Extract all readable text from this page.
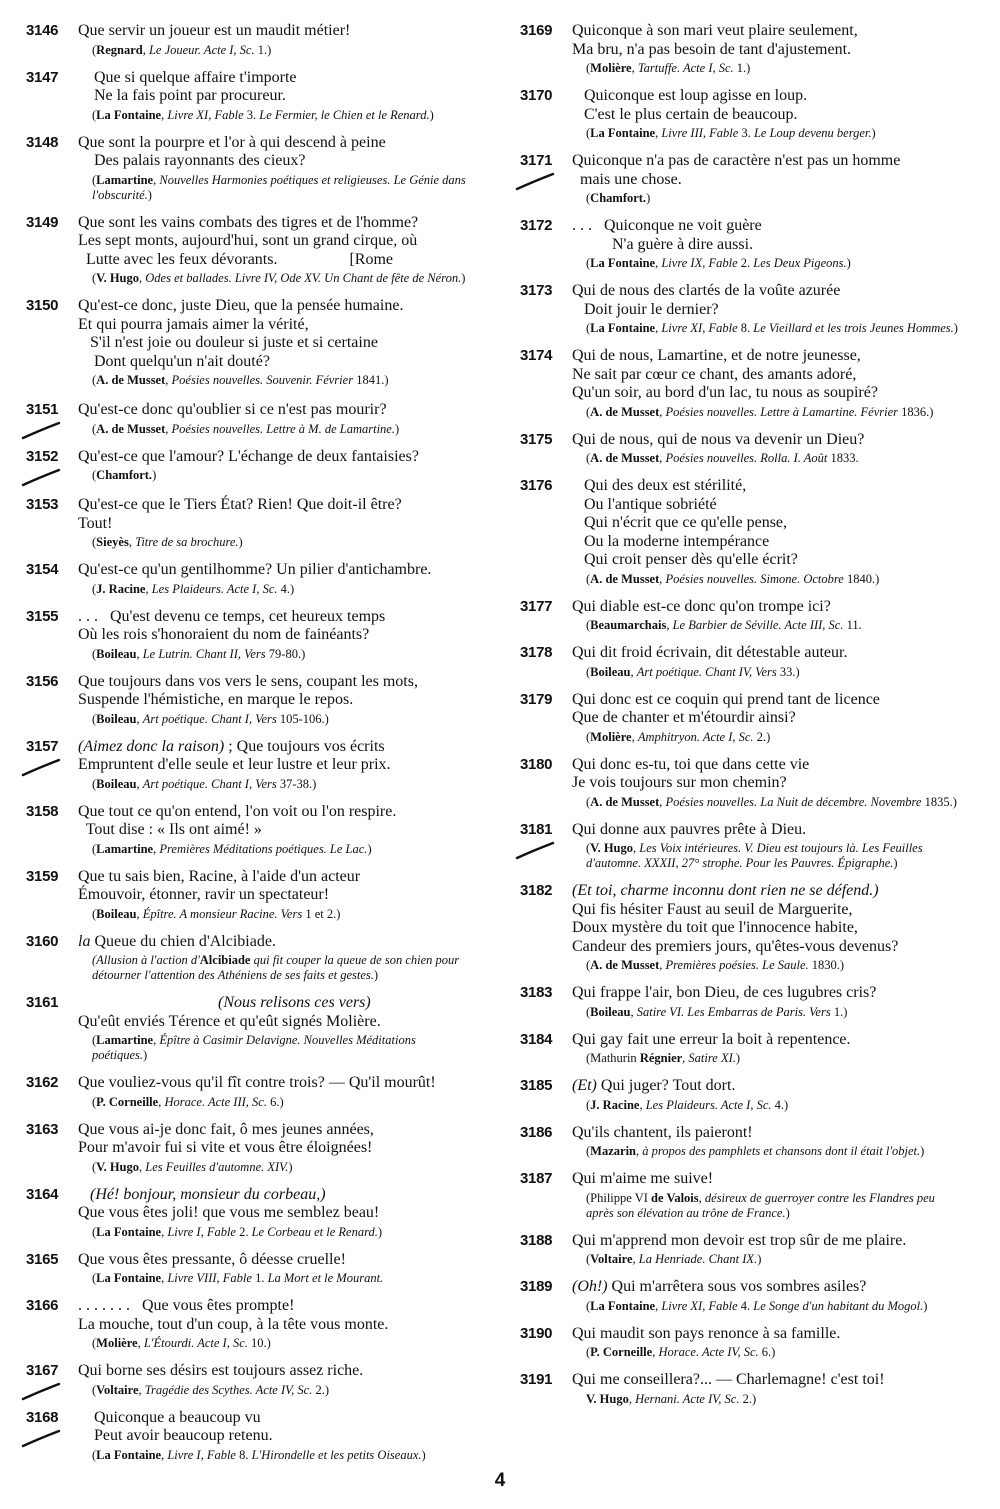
3146 Que servir un joueur est un maudit métier!
(Regnard, Le Joueur. Acte I, Sc. 1.)
3147 Que si quelque affaire t'importe
Ne la fais point par procureur.
(La Fontaine, Livre XI, Fable 3. Le Fermier, le Chien et le Renard.)
3148 Que sont la pourpre et l'or à qui descend à peine
Des palais rayonnants des cieux?
(Lamartine, Nouvelles Harmonies poétiques et religieuses. Le Génie dans l'obscurité.)
3149 Que sont les vains combats des tigres et de l'homme?
Les sept monts, aujourd'hui, sont un grand cirque, où
Lutte avec les feux dévorants.                  [Rome
(V. Hugo, Odes et ballades. Livre IV, Ode XV. Un Chant de fête de Néron.)
3150 Qu'est-ce donc, juste Dieu, que la pensée humaine.
Et qui pourra jamais aimer la vérité,
S'il n'est joie ou douleur si juste et si certaine
Dont quelqu'un n'ait douté?
(A. de Musset, Poésies nouvelles. Souvenir. Février 1841.)
3151 Qu'est-ce donc qu'oublier si ce n'est pas mourir?
(A. de Musset, Poésies nouvelles. Lettre à M. de Lamartine.)
3152 Qu'est-ce que l'amour? L'échange de deux fantaisies?
(Chamfort.)
3153 Qu'est-ce que le Tiers État? Rien! Que doit-il être?
Tout!
(Sieyès, Titre de sa brochure.)
3154 Qu'est-ce qu'un gentilhomme? Un pilier d'antichambre.
(J. Racine, Les Plaideurs. Acte I, Sc. 4.)
3155 . . .   Qu'est devenu ce temps, cet heureux temps
Où les rois s'honoraient du nom de fainéants?
(Boileau, Le Lutrin. Chant II, Vers 79-80.)
3156 Que toujours dans vos vers le sens, coupant les mots,
Suspende l'hémistiche, en marque le repos.
(Boileau, Art poétique. Chant I, Vers 105-106.)
3157 (Aimez donc la raison) ; Que toujours vos écrits
Empruntent d'elle seule et leur lustre et leur prix.
(Boileau, Art poétique. Chant I, Vers 37-38.)
3158 Que tout ce qu'on entend, l'on voit ou l'on respire.
Tout dise : « Ils ont aimé! »
(Lamartine, Premières Méditations poétiques. Le Lac.)
3159 Que tu sais bien, Racine, à l'aide d'un acteur
Émouvoir, étonner, ravir un spectateur!
(Boileau, Épître. A monsieur Racine. Vers 1 et 2.)
3160 la Queue du chien d'Alcibiade.
(Allusion à l'action d'Alcibiade qui fit couper la queue de son chien pour détourner l'attention des Athéniens de ses faits et gestes.)
3161 (Nous relisons ces vers)
Qu'eût enviés Térence et qu'eût signés Molière.
(Lamartine, Épître à Casimir Delavigne. Nouvelles Méditations poétiques.)
3162 Que vouliez-vous qu'il fît contre trois? — Qu'il mourût!
(P. Corneille, Horace. Acte III, Sc. 6.)
3163 Que vous ai-je donc fait, ô mes jeunes années,
Pour m'avoir fui si vite et vous être éloignées!
(V. Hugo, Les Feuilles d'automne. XIV.)
3164 (Hé! bonjour, monsieur du corbeau,)
Que vous êtes joli! que vous me semblez beau!
(La Fontaine, Livre I, Fable 2. Le Corbeau et le Renard.)
3165 Que vous êtes pressante, ô déesse cruelle!
(La Fontaine, Livre VIII, Fable 1. La Mort et le Mourant.
3166 . . . . . . .   Que vous êtes prompte!
La mouche, tout d'un coup, à la tête vous monte.
(Molière, L'Étourdi. Acte I, Sc. 10.)
3167 Qui borne ses désirs est toujours assez riche.
(Voltaire, Tragédie des Scythes. Acte IV, Sc. 2.)
3168 Quiconque a beaucoup vu
Peut avoir beaucoup retenu.
(La Fontaine, Livre I, Fable 8. L'Hirondelle et les petits Oiseaux.)
3169 Quiconque à son mari veut plaire seulement,
Ma bru, n'a pas besoin de tant d'ajustement.
(Molière, Tartuffe. Acte I, Sc. 1.)
3170 Quiconque est loup agisse en loup.
C'est le plus certain de beaucoup.
(La Fontaine, Livre III, Fable 3. Le Loup devenu berger.)
3171 Quiconque n'a pas de caractère n'est pas un homme
mais une chose.
(Chamfort.)
3172 . . .   Quiconque ne voit guère
N'a guère à dire aussi.
(La Fontaine, Livre IX, Fable 2. Les Deux Pigeons.)
3173 Qui de nous des clartés de la voûte azurée
Doit jouir le dernier?
(La Fontaine, Livre XI, Fable 8. Le Vieillard et les trois Jeunes Hommes.)
3174 Qui de nous, Lamartine, et de notre jeunesse,
Ne sait par cœur ce chant, des amants adoré,
Qu'un soir, au bord d'un lac, tu nous as soupiré?
(A. de Musset, Poésies nouvelles. Lettre à Lamartine. Février 1836.)
3175 Qui de nous, qui de nous va devenir un Dieu?
(A. de Musset, Poésies nouvelles. Rolla. I. Août 1833.
3176 Qui des deux est stérilité,
Ou l'antique sobriété
Qui n'écrit que ce qu'elle pense,
Ou la moderne intempérance
Qui croit penser dès qu'elle écrit?
(A. de Musset, Poésies nouvelles. Simone. Octobre 1840.)
3177 Qui diable est-ce donc qu'on trompe ici?
(Beaumarchais, Le Barbier de Séville. Acte III, Sc. 11.
3178 Qui dit froid écrivain, dit détestable auteur.
(Boileau, Art poétique. Chant IV, Vers 33.)
3179 Qui donc est ce coquin qui prend tant de licence
Que de chanter et m'étourdir ainsi?
(Molière, Amphitryon. Acte I, Sc. 2.)
3180 Qui donc es-tu, toi que dans cette vie
Je vois toujours sur mon chemin?
(A. de Musset, Poésies nouvelles. La Nuit de décembre. Novembre 1835.)
3181 Qui donne aux pauvres prête à Dieu.
(V. Hugo, Les Voix intérieures. V. Dieu est toujours là. Les Feuilles d'automne. XXXII, 27° strophe. Pour les Pauvres. Épigraphe.)
3182 (Et toi, charme inconnu dont rien ne se défend.)
Qui fis hésiter Faust au seuil de Marguerite,
Doux mystère du toit que l'innocence habite,
Candeur des premiers jours, qu'êtes-vous devenus?
(A. de Musset, Premières poésies. Le Saule. 1830.)
3183 Qui frappe l'air, bon Dieu, de ces lugubres cris?
(Boileau, Satire VI. Les Embarras de Paris. Vers 1.)
3184 Qui gay fait une erreur la boit à repentence.
(Mathurin Régnier, Satire XI.)
3185 (Et) Qui juger? Tout dort.
(J. Racine, Les Plaideurs. Acte I, Sc. 4.)
3186 Qu'ils chantent, ils paieront!
(Mazarin, à propos des pamphlets et chansons dont il était l'objet.)
3187 Qui m'aime me suive!
(Philippe VI de Valois, désireux de guerroyer contre les Flandres peu après son élévation au trône de France.)
3188 Qui m'apprend mon devoir est trop sûr de me plaire.
(Voltaire, La Henriade. Chant IX.)
3189 (Oh!) Qui m'arrêtera sous vos sombres asiles?
(La Fontaine, Livre XI, Fable 4. Le Songe d'un habitant du Mogol.)
3190 Qui maudit son pays renonce à sa famille.
(P. Corneille, Horace. Acte IV, Sc. 6.)
3191 Qui me conseillera?... — Charlemagne! c'est toi!
V. Hugo, Hernani. Acte IV, Sc. 2.)
4
